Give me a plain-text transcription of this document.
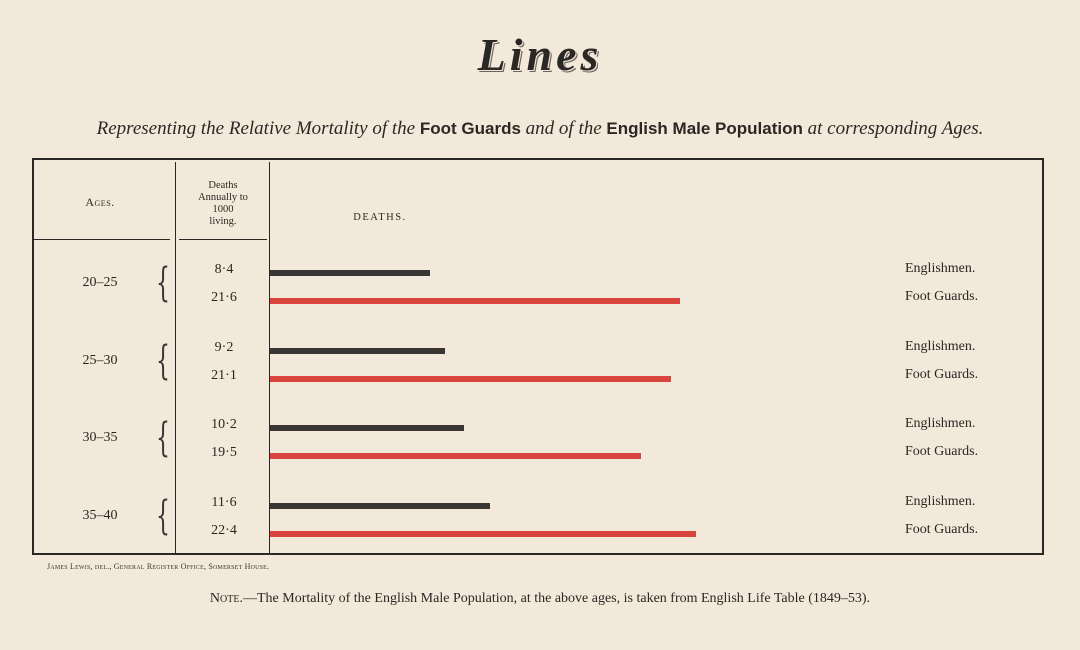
Lines
Representing the Relative Mortality of the Foot Guards and of the English Male Population at corresponding Ages.
Ages.
Deaths
Annually to
1000
living.	DEATHS.
20–25 {	8·4	Englishmen.
21·6	Foot Guards.
25–30 {	9·2	Englishmen.
21·1	Foot Guards.
30–35 {	10·2	Englishmen.
19·5	Foot Guards.
35–40 {	11·6	Englishmen.
22·4	Foot Guards.
James Lewis, del., General Register Office, Somerset House.
Note.—The Mortality of the English Male Population, at the above ages, is taken from English Life Table (1849–53).
